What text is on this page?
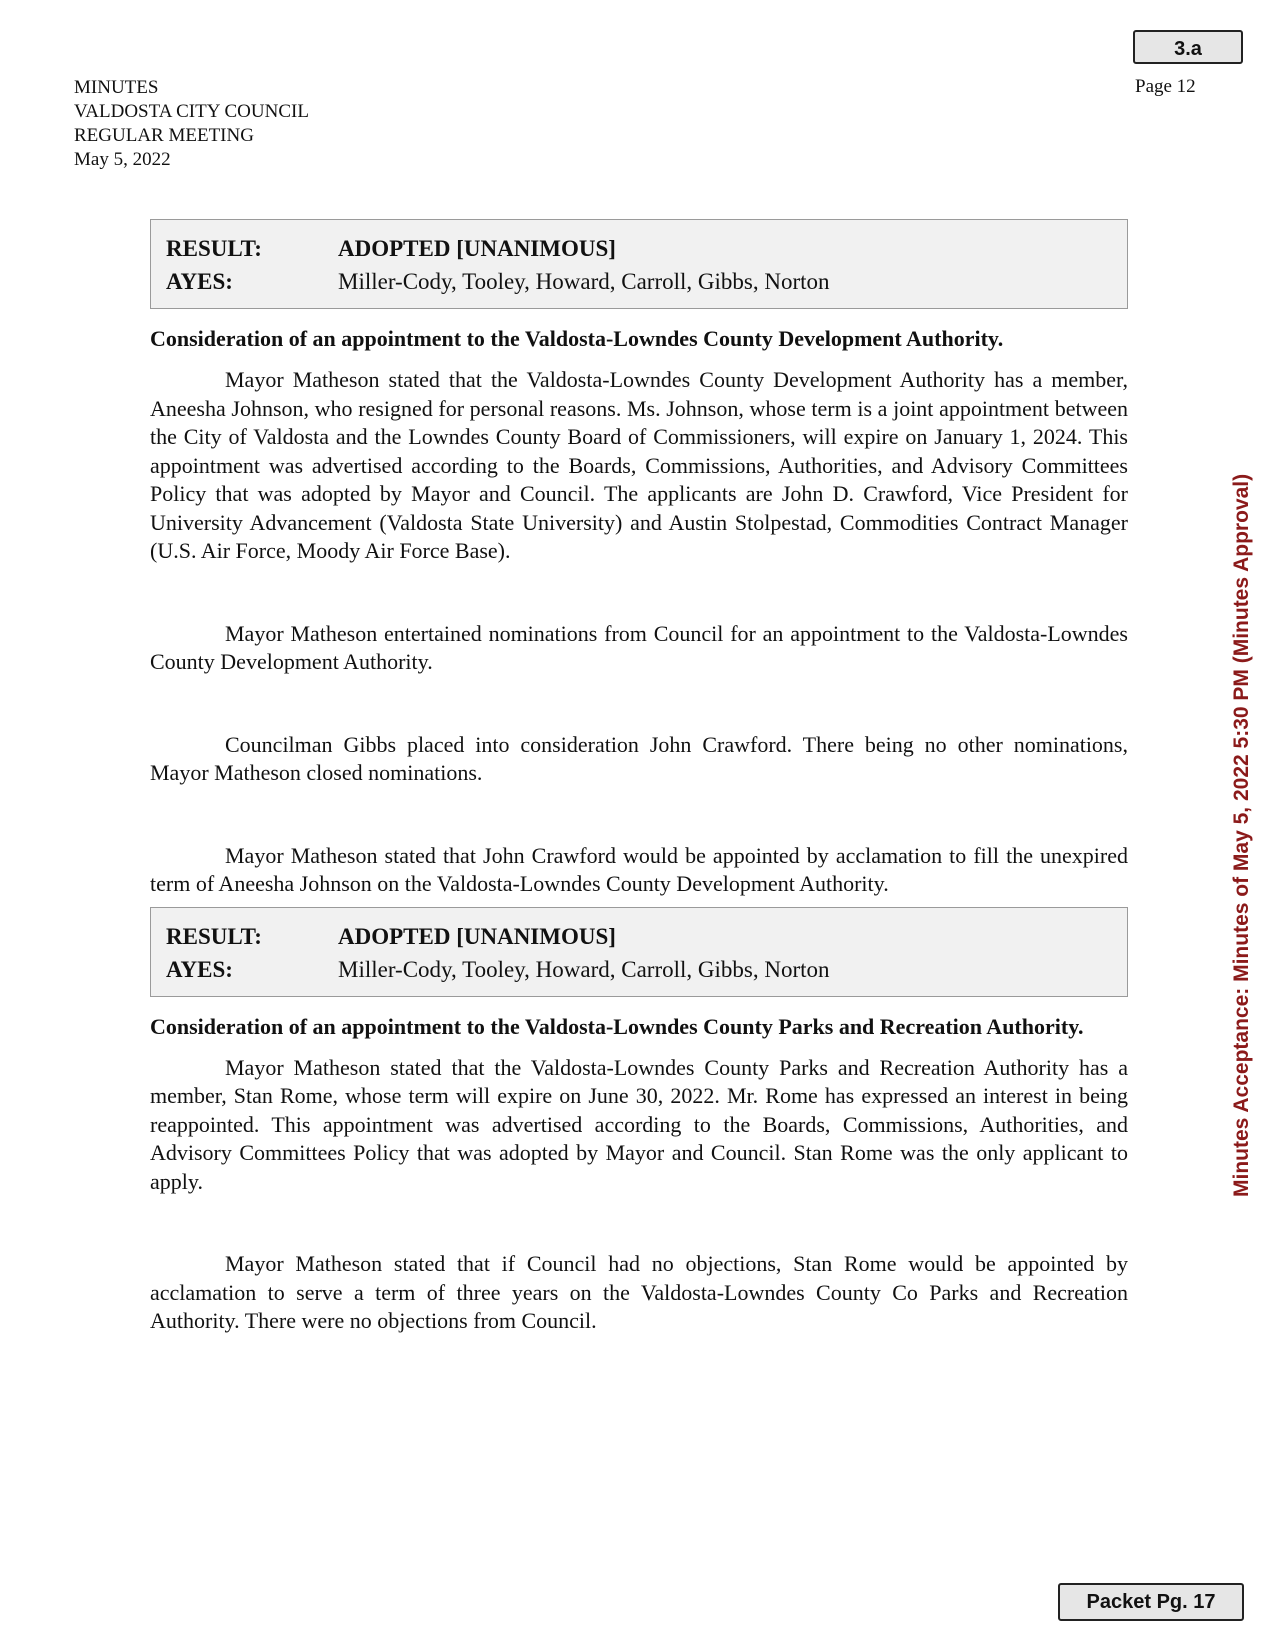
3.a
Page 12
MINUTES
VALDOSTA CITY COUNCIL
REGULAR MEETING
May 5, 2022
RESULT:	ADOPTED [UNANIMOUS]
AYES:	Miller-Cody, Tooley, Howard, Carroll, Gibbs, Norton
Consideration of an appointment to the Valdosta-Lowndes County Development Authority.

Mayor Matheson stated that the Valdosta-Lowndes County Development Authority has a member, Aneesha Johnson, who resigned for personal reasons. Ms. Johnson, whose term is a joint appointment between the City of Valdosta and the Lowndes County Board of Commissioners, will expire on January 1, 2024. This appointment was advertised according to the Boards, Commissions, Authorities, and Advisory Committees Policy that was adopted by Mayor and Council. The applicants are John D. Crawford, Vice President for University Advancement (Valdosta State University) and Austin Stolpestad, Commodities Contract Manager (U.S. Air Force, Moody Air Force Base).

Mayor Matheson entertained nominations from Council for an appointment to the Valdosta-Lowndes County Development Authority.

Councilman Gibbs placed into consideration John Crawford. There being no other nominations, Mayor Matheson closed nominations.

Mayor Matheson stated that John Crawford would be appointed by acclamation to fill the unexpired term of Aneesha Johnson on the Valdosta-Lowndes County Development Authority.

RESULT:	ADOPTED [UNANIMOUS]
AYES:	Miller-Cody, Tooley, Howard, Carroll, Gibbs, Norton
Consideration of an appointment to the Valdosta-Lowndes County Parks and Recreation Authority.

Mayor Matheson stated that the Valdosta-Lowndes County Parks and Recreation Authority has a member, Stan Rome, whose term will expire on June 30, 2022. Mr. Rome has expressed an interest in being reappointed. This appointment was advertised according to the Boards, Commissions, Authorities, and Advisory Committees Policy that was adopted by Mayor and Council. Stan Rome was the only applicant to apply.

Mayor Matheson stated that if Council had no objections, Stan Rome would be appointed by acclamation to serve a term of three years on the Valdosta-Lowndes County Co Parks and Recreation Authority. There were no objections from Council.

Minutes Acceptance: Minutes of May 5, 2022 5:30 PM (Minutes Approval)
Packet Pg. 17
